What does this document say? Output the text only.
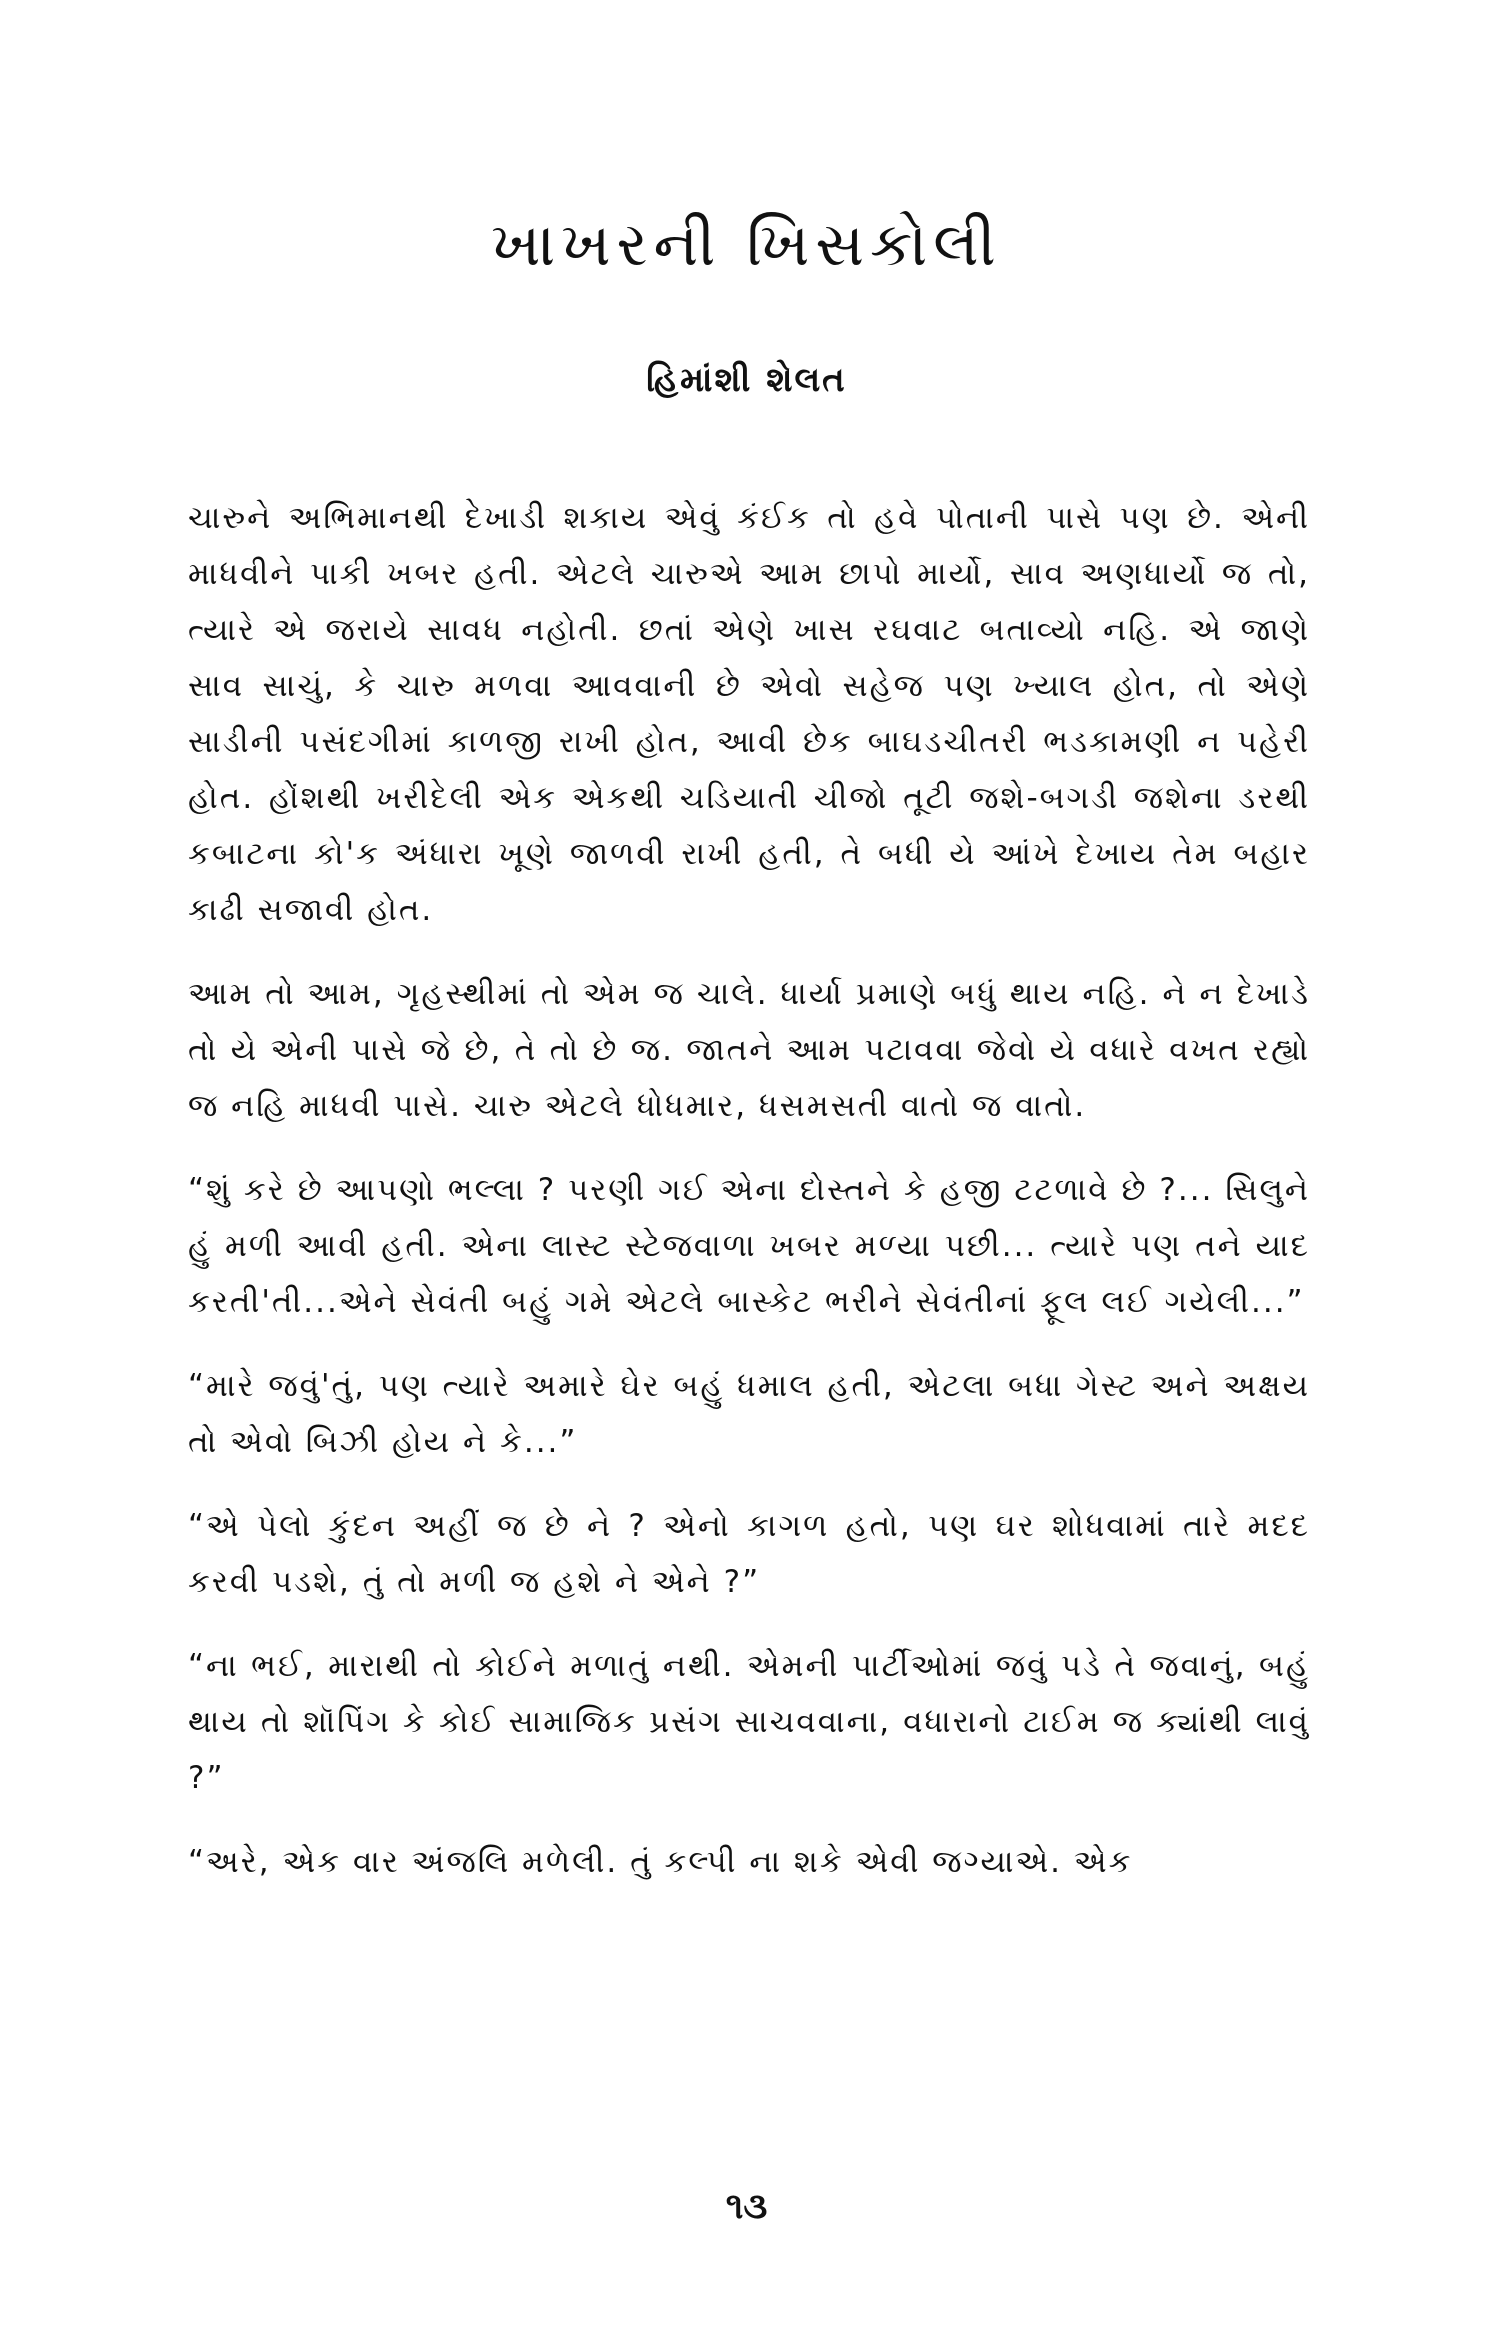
ખાખરની ખિસકોલી
હિમાંશી શેલત

ચારુને અભિમાનથી દેખાડી શકાય એવું કંઈક તો હવે પોતાની પાસે પણ છે. એની માધવીને પાકી ખબર હતી. એટલે ચારુએ આમ છાપો માર્યો, સાવ અણધાર્યો જ તો, ત્યારે એ જરાયે સાવધ નહોતી. છતાં એણે ખાસ રઘવાટ બતાવ્યો નહિ. એ જાણે સાવ સાચું, કે ચારુ મળવા આવવાની છે એવો સહેજ પણ ખ્યાલ હોત, તો એણે સાડીની પસંદગીમાં કાળજી રાખી હોત, આવી છેક બાઘડચીતરી ભડકામણી ન પહેરી હોત. હોંશથી ખરીદેલી એક એકથી ચડિયાતી ચીજો તૂટી જશે-બગડી જશેના ડરથી કબાટના કો'ક અંધારા ખૂણે જાળવી રાખી હતી, તે બધી યે આંખે દેખાય તેમ બહાર કાઢી સજાવી હોત.

આમ તો આમ, ગૃહસ્થીમાં તો એમ જ ચાલે. ધાર્યા પ્રમાણે બધું થાય નહિ. ને ન દેખાડે તો યે એની પાસે જે છે, તે તો છે જ. જાતને આમ પટાવવા જેવો યે વધારે વખત રહ્યો જ નહિ માધવી પાસે. ચારુ એટલે ધોધમાર, ધસમસતી વાતો જ વાતો.

“શું કરે છે આપણો ભલ્લા ? પરણી ગઈ એના દોસ્તને કે હજી ટટળાવે છે ?... સિલુને હું મળી આવી હતી. એના લાસ્ટ સ્ટેજવાળા ખબર મળ્યા પછી... ત્યારે પણ તને યાદ કરતી'તી...એને સેવંતી બહું ગમે એટલે બાસ્કેટ ભરીને સેવંતીનાં ફૂલ લઈ ગયેલી...”

“મારે જવું'તું, પણ ત્યારે અમારે ઘેર બહું ધમાલ હતી, એટલા બધા ગેસ્ટ અને અક્ષય તો એવો બિઝી હોય ને કે...”

“એ પેલો કુંદન અહીં જ છે ને ? એનો કાગળ હતો, પણ ઘર શોધવામાં તારે મદદ કરવી પડશે, તું તો મળી જ હશે ને એને ?”

“ના ભઈ, મારાથી તો કોઈને મળાતું નથી. એમની પાર્ટીઓમાં જવું પડે તે જવાનું, બહું થાય તો શૉપિંગ કે કોઈ સામાજિક પ્રસંગ સાચવવાના, વધારાનો ટાઈમ જ ક્યાંથી લાવું ?”

“અરે, એક વાર અંજલિ મળેલી. તું કલ્પી ના શકે એવી જગ્યાએ. એક

૧૩
